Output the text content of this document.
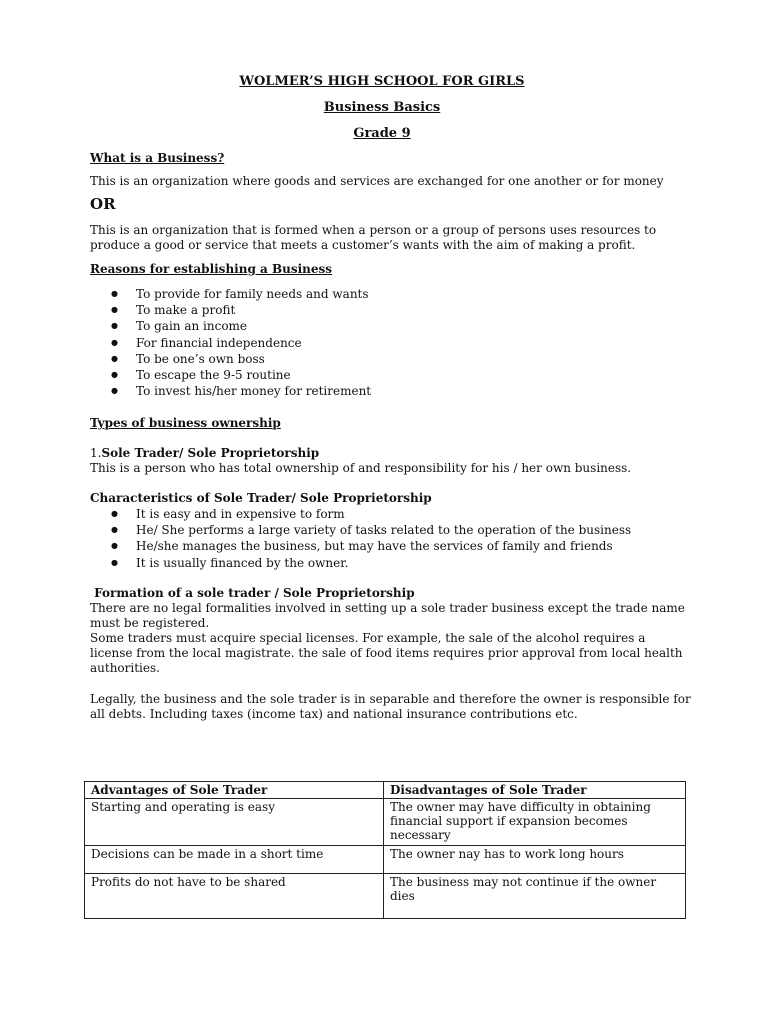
WOLMER’S HIGH SCHOOL FOR GIRLS
Business Basics
Grade 9
What is a Business?
This is an organization where goods and services are exchanged for one another or for money
OR
This is an organization that is formed when a person or a group of persons uses resources to
produce a good or service that meets a customer’s wants with the aim of making a profit.
Reasons for establishing a Business
● To provide for family needs and wants
● To make a profit
● To gain an income
● For financial independence
● To be one’s own boss
● To escape the 9-5 routine
● To invest his/her money for retirement
Types of business ownership
1.Sole Trader/ Sole Proprietorship
This is a person who has total ownership of and responsibility for his / her own business.
Characteristics of Sole Trader/ Sole Proprietorship
● It is easy and in expensive to form
● He/ She performs a large variety of tasks related to the operation of the business
● He/she manages the business, but may have the services of family and friends
● It is usually financed by the owner.
Formation of a sole trader / Sole Proprietorship
There are no legal formalities involved in setting up a sole trader business except the trade name
must be registered.
Some traders must acquire special licenses. For example, the sale of the alcohol requires a
license from the local magistrate. the sale of food items requires prior approval from local health
authorities.
Legally, the business and the sole trader is in separable and therefore the owner is responsible for
all debts. Including taxes (income tax) and national insurance contributions etc.
Advantages of Sole Trader	Disadvantages of Sole Trader
Starting and operating is easy	The owner may have difficulty in obtaining financial support if expansion becomes necessary
Decisions can be made in a short time	The owner nay has to work long hours
Profits do not have to be shared	The business may not continue if the owner dies
